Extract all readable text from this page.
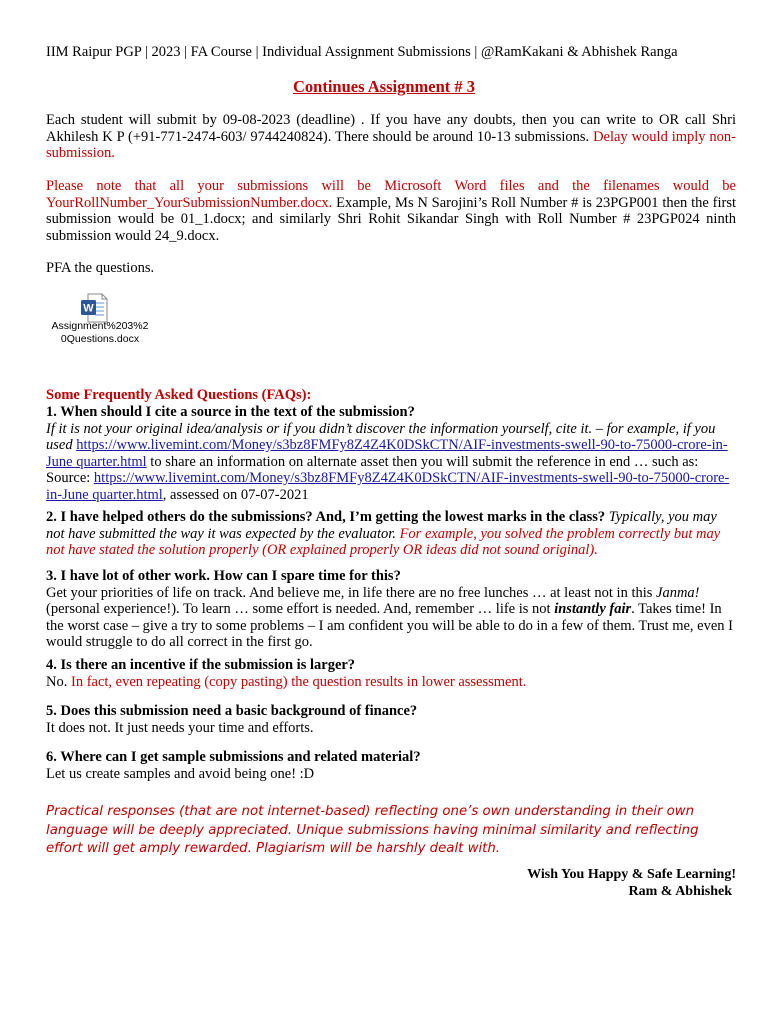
IIM Raipur PGP | 2023 | FA Course | Individual Assignment Submissions | @RamKakani & Abhishek Ranga
Continues Assignment # 3
Each student will submit by 09-08-2023 (deadline) . If you have any doubts, then you can write to OR call Shri Akhilesh K P (+91-771-2474-603/ 9744240824). There should be around 10-13 submissions. Delay would imply non-submission.
Please note that all your submissions will be Microsoft Word files and the filenames would be YourRollNumber_YourSubmissionNumber.docx. Example, Ms N Sarojini’s Roll Number # is 23PGP001 then the first submission would be 01_1.docx; and similarly Shri Rohit Sikandar Singh with Roll Number # 23PGP024 ninth submission would 24_9.docx.
PFA the questions.
W
Assignment%203%2
0Questions.docx
Some Frequently Asked Questions (FAQs):
1. When should I cite a source in the text of the submission?
If it is not your original idea/analysis or if you didn’t discover the information yourself, cite it. – for example, if you used https://www.livemint.com/Money/s3bz8FMFy8Z4Z4K0DSkCTN/AIF-investments-swell-90-to-75000-crore-in-June quarter.html to share an information on alternate asset then you will submit the reference in end … such as: Source: https://www.livemint.com/Money/s3bz8FMFy8Z4Z4K0DSkCTN/AIF-investments-swell-90-to-75000-crore-in-June quarter.html, assessed on 07-07-2021
2. I have helped others do the submissions? And, I’m getting the lowest marks in the class? Typically, you may not have submitted the way it was expected by the evaluator. For example, you solved the problem correctly but may not have stated the solution properly (OR explained properly OR ideas did not sound original).
3. I have lot of other work. How can I spare time for this?
Get your priorities of life on track. And believe me, in life there are no free lunches … at least not in this Janma! (personal experience!). To learn … some effort is needed. And, remember … life is not instantly fair. Takes time! In the worst case – give a try to some problems – I am confident you will be able to do in a few of them. Trust me, even I would struggle to do all correct in the first go.
4. Is there an incentive if the submission is larger?
No. In fact, even repeating (copy pasting) the question results in lower assessment.
5. Does this submission need a basic background of finance?
It does not. It just needs your time and efforts.
6. Where can I get sample submissions and related material?
Let us create samples and avoid being one! :D
Practical responses (that are not internet-based) reflecting one’s own understanding in their own language will be deeply appreciated. Unique submissions having minimal similarity and reflecting effort will get amply rewarded. Plagiarism will be harshly dealt with.
Wish You Happy & Safe Learning!
Ram & Abhishek
